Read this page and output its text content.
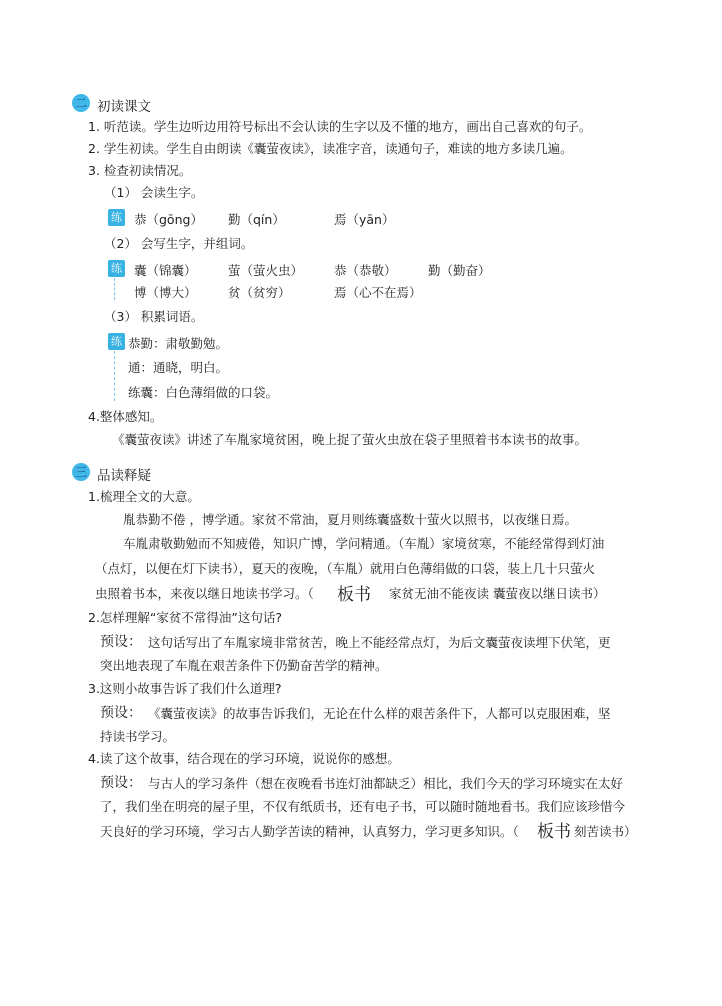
二 初读课文
1. 听范读。学生边听边用符号标出不会认读的生字以及不懂的地方，画出自己喜欢的句子。
2. 学生初读。学生自由朗读《囊萤夜读》，读准字音，读通句子，难读的地方多读几遍。
3. 检查初读情况。
（1） 会读生字。
练 恭（gōng） 勤（qín）	焉（yān）
（2） 会写生字，并组词。
练 囊（锦囊）	萤（萤火虫） 恭（恭敬）	勤（勤奋）
博（博大）	贫（贫穷）	焉（心不在焉）
（3） 积累词语。
练 恭勤：肃敬勤勉。
通：通晓，明白。
练囊：白色薄绢做的口袋。
4.整体感知。
《囊萤夜读》讲述了车胤家境贫困，晚上捉了萤火虫放在袋子里照着书本读书的故事。
三 品读释疑
1.梳理全文的大意。
胤恭勤不倦 ，博学通。家贫不常油，夏月则练囊盛数十萤火以照书，以夜继日焉。
车胤肃敬勤勉而不知疲倦，知识广博，学问精通。（车胤）家境贫寒，不能经常得到灯油
（点灯，以便在灯下读书），夏天的夜晚，（车胤）就用白色薄绢做的口袋，装上几十只萤火
虫照着书本，来夜以继日地读书学习。（ 板书 家贫无油不能夜读 囊萤夜以继日读书）
2.怎样理解“家贫不常得油”这句话?
预设： 这句话写出了车胤家境非常贫苦，晚上不能经常点灯，为后文囊萤夜读埋下伏笔，更
突出地表现了车胤在艰苦条件下仍勤奋苦学的精神。
3.这则小故事告诉了我们什么道理?
预设： 《囊萤夜读》的故事告诉我们，无论在什么样的艰苦条件下，人都可以克服困难，坚
持读书学习。
4.读了这个故事，结合现在的学习环境，说说你的感想。
预设： 与古人的学习条件（想在夜晚看书连灯油都缺乏）相比，我们今天的学习环境实在太好
了，我们坐在明亮的屋子里，不仅有纸质书，还有电子书，可以随时随地看书。我们应该珍惜今
天良好的学习环境，学习古人勤学苦读的精神，认真努力，学习更多知识。（ 板书 刻苦读书）
